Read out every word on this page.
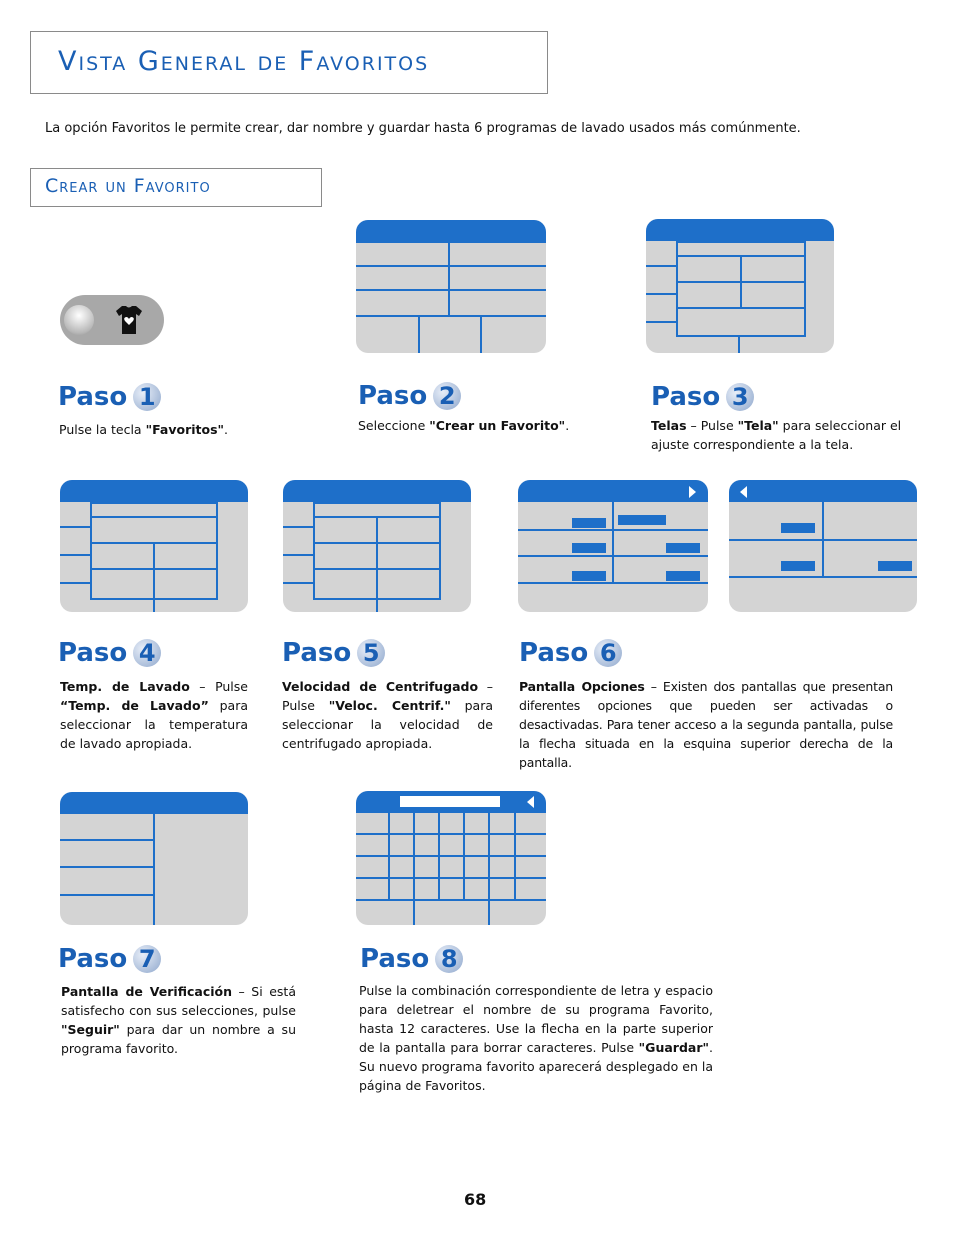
Vista General de Favoritos
La opción Favoritos le permite crear, dar nombre y guardar hasta 6 programas de lavado usados más comúnmente.
Crear un Favorito
Paso 1	Paso 2	Paso 3
Paso 4	Paso 5	Paso 6
Paso 7	Paso 8
Pulse la tecla "Favoritos".	Seleccione "Crear un Favorito".	Telas – Pulse "Tela" para seleccionar el ajuste correspondiente a la tela.
Temp. de Lavado – Pulse “Temp. de Lavado” para seleccionar la temperatura de lavado apropiada.
Velocidad de Centrifugado – Pulse "Veloc. Centrif." para seleccionar la velocidad de centrifugado apropiada.
Pantalla Opciones – Existen dos pantallas que presentan diferentes opciones que pueden ser activadas o desactivadas. Para tener acceso a la segunda pantalla, pulse la flecha situada en la esquina superior derecha de la pantalla.
Pantalla de Verificación – Si está satisfecho con sus selecciones, pulse "Seguir" para dar un nombre a su programa favorito.
Pulse la combinación correspondiente de letra y espacio para deletrear el nombre de su programa Favorito, hasta 12 caracteres. Use la flecha en la parte superior de la pantalla para borrar caracteres. Pulse "Guardar". Su nuevo programa favorito aparecerá desplegado en la página de Favoritos.
68
